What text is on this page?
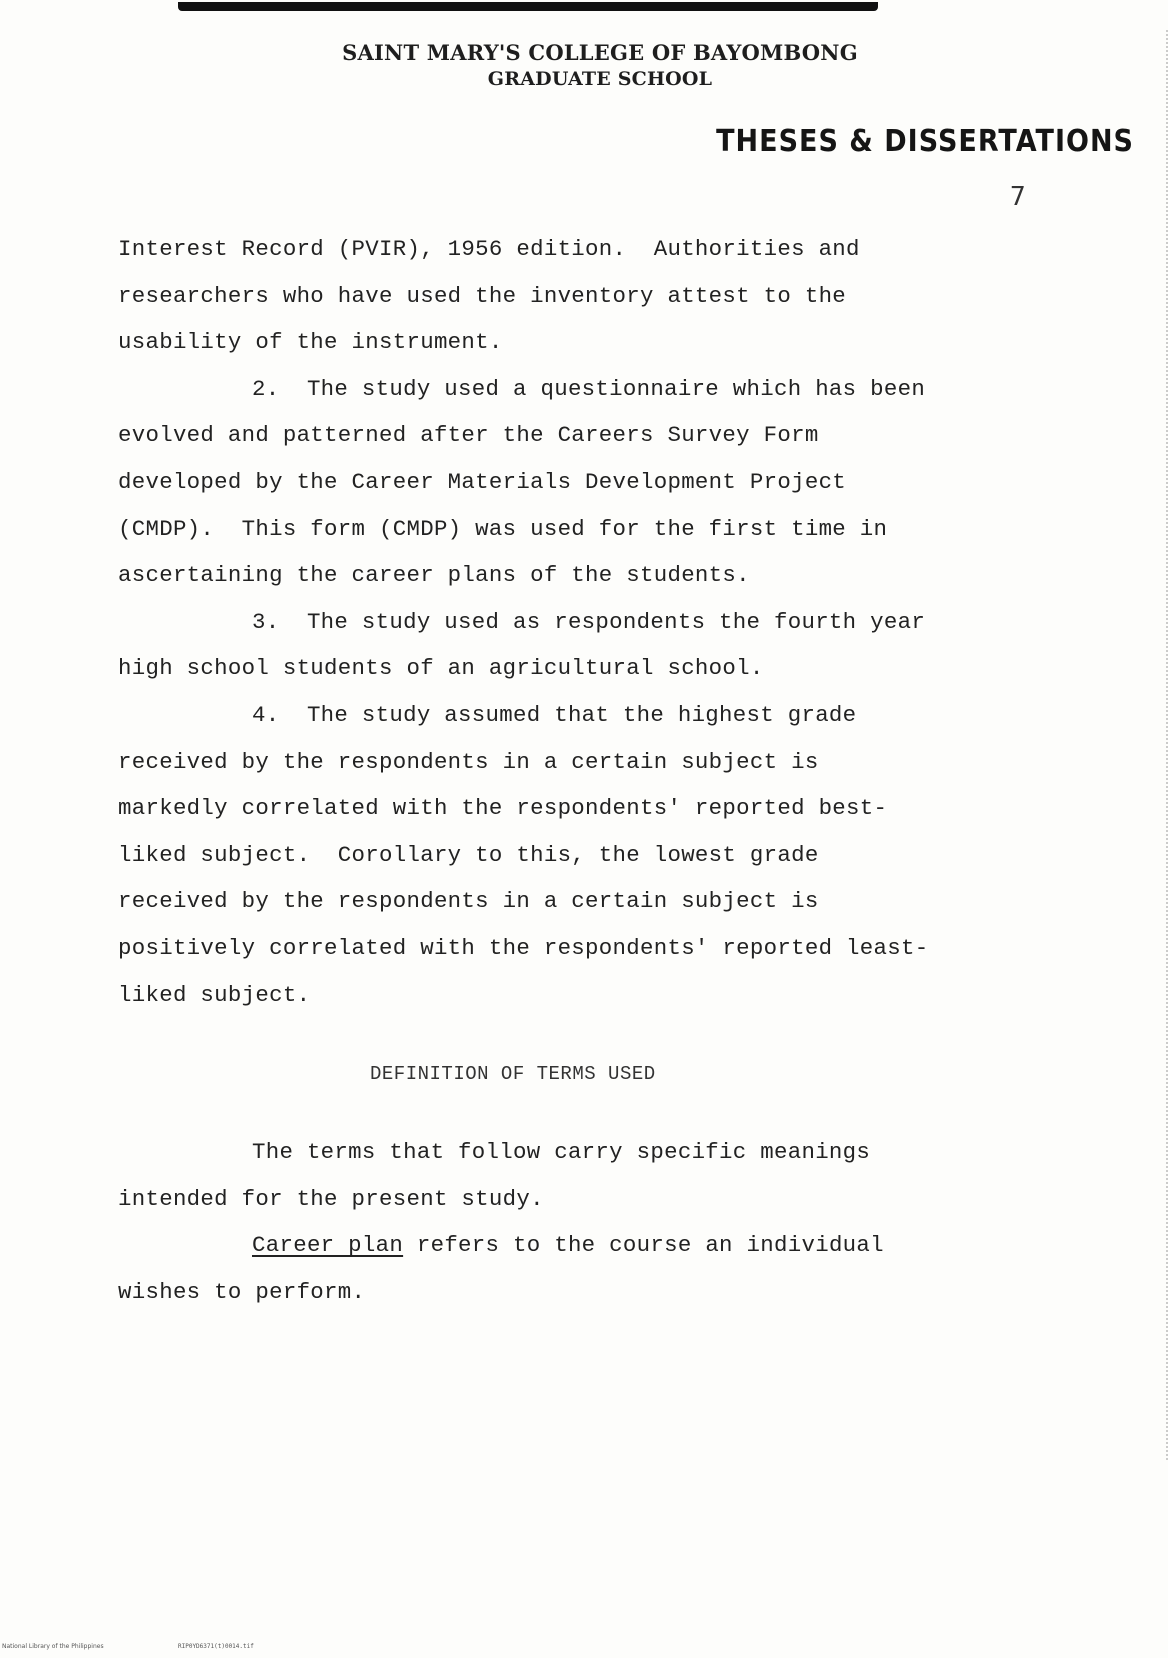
SAINT MARY'S COLLEGE OF BAYOMBONG
GRADUATE SCHOOL
THESES & DISSERTATIONS
7
Interest Record (PVIR), 1956 edition.  Authorities and
researchers who have used the inventory attest to the
usability of the instrument.
2.  The study used a questionnaire which has been
evolved and patterned after the Careers Survey Form
developed by the Career Materials Development Project
(CMDP).  This form (CMDP) was used for the first time in
ascertaining the career plans of the students.
3.  The study used as respondents the fourth year
high school students of an agricultural school.
4.  The study assumed that the highest grade
received by the respondents in a certain subject is
markedly correlated with the respondents' reported best-
liked subject.  Corollary to this, the lowest grade
received by the respondents in a certain subject is
positively correlated with the respondents' reported least-
liked subject.
DEFINITION OF TERMS USED
The terms that follow carry specific meanings
intended for the present study.
Career plan refers to the course an individual
wishes to perform.
National Library of the Philippines	RIP0YD6371(t)0014.tif
